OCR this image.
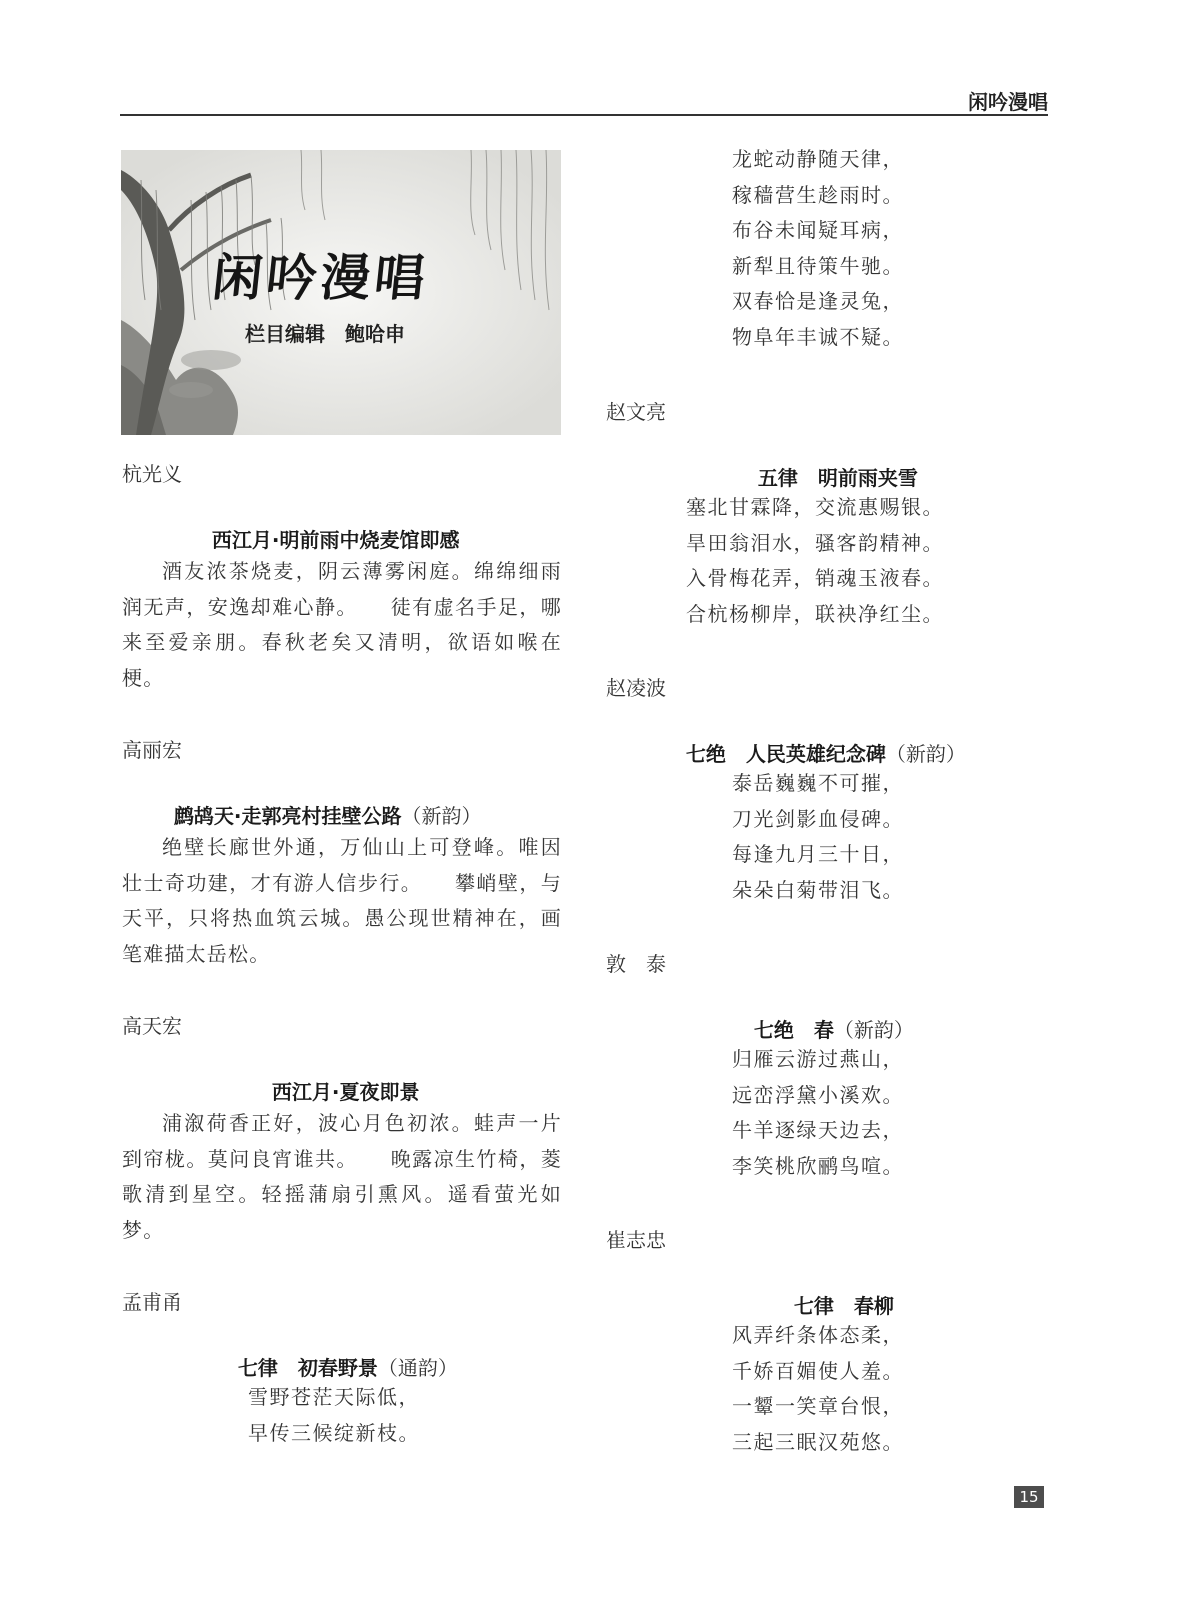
闲吟漫唱
闲吟漫唱
栏目编辑　鲍哈申
杭光义

西江月·明前雨中烧麦馆即感

酒友浓茶烧麦，阴云薄雾闲庭。绵绵细雨润无声，安逸却难心静。　　徒有虚名手足，哪来至爱亲朋。春秋老矣又清明，欲语如喉在梗。
高丽宏

鹧鸪天·走郭亮村挂壁公路（新韵）

绝壁长廊世外通，万仙山上可登峰。唯因壮士奇功建，才有游人信步行。　　攀峭壁，与天平，只将热血筑云城。愚公现世精神在，画笔难描太岳松。
高天宏

西江月·夏夜即景

浦溆荷香正好，波心月色初浓。蛙声一片到帘栊。莫问良宵谁共。　　晚露凉生竹椅，菱歌清到星空。轻摇蒲扇引熏风。遥看萤光如梦。
孟甫甬

七律　初春野景（通韵）

雪野苍茫天际低，
早传三候绽新枝。
龙蛇动静随天律，
稼穑营生趁雨时。
布谷未闻疑耳病，
新犁且待策牛驰。
双春恰是逢灵兔，
物阜年丰诚不疑。
赵文亮

五律　明前雨夹雪

塞北甘霖降，交流惠赐银。
旱田翁泪水，骚客韵精神。
入骨梅花弄，销魂玉液春。
合杭杨柳岸，联袂净红尘。
赵凌波

七绝　人民英雄纪念碑（新韵）

泰岳巍巍不可摧，
刀光剑影血侵碑。
每逢九月三十日，
朵朵白菊带泪飞。
敦　泰

七绝　春（新韵）

归雁云游过燕山，
远峦浮黛小溪欢。
牛羊逐绿天边去，
李笑桃欣鹂鸟喧。
崔志忠

七律　春柳

风弄纤条体态柔，
千娇百媚使人羞。
一颦一笑章台恨，
三起三眠汉苑悠。
15
